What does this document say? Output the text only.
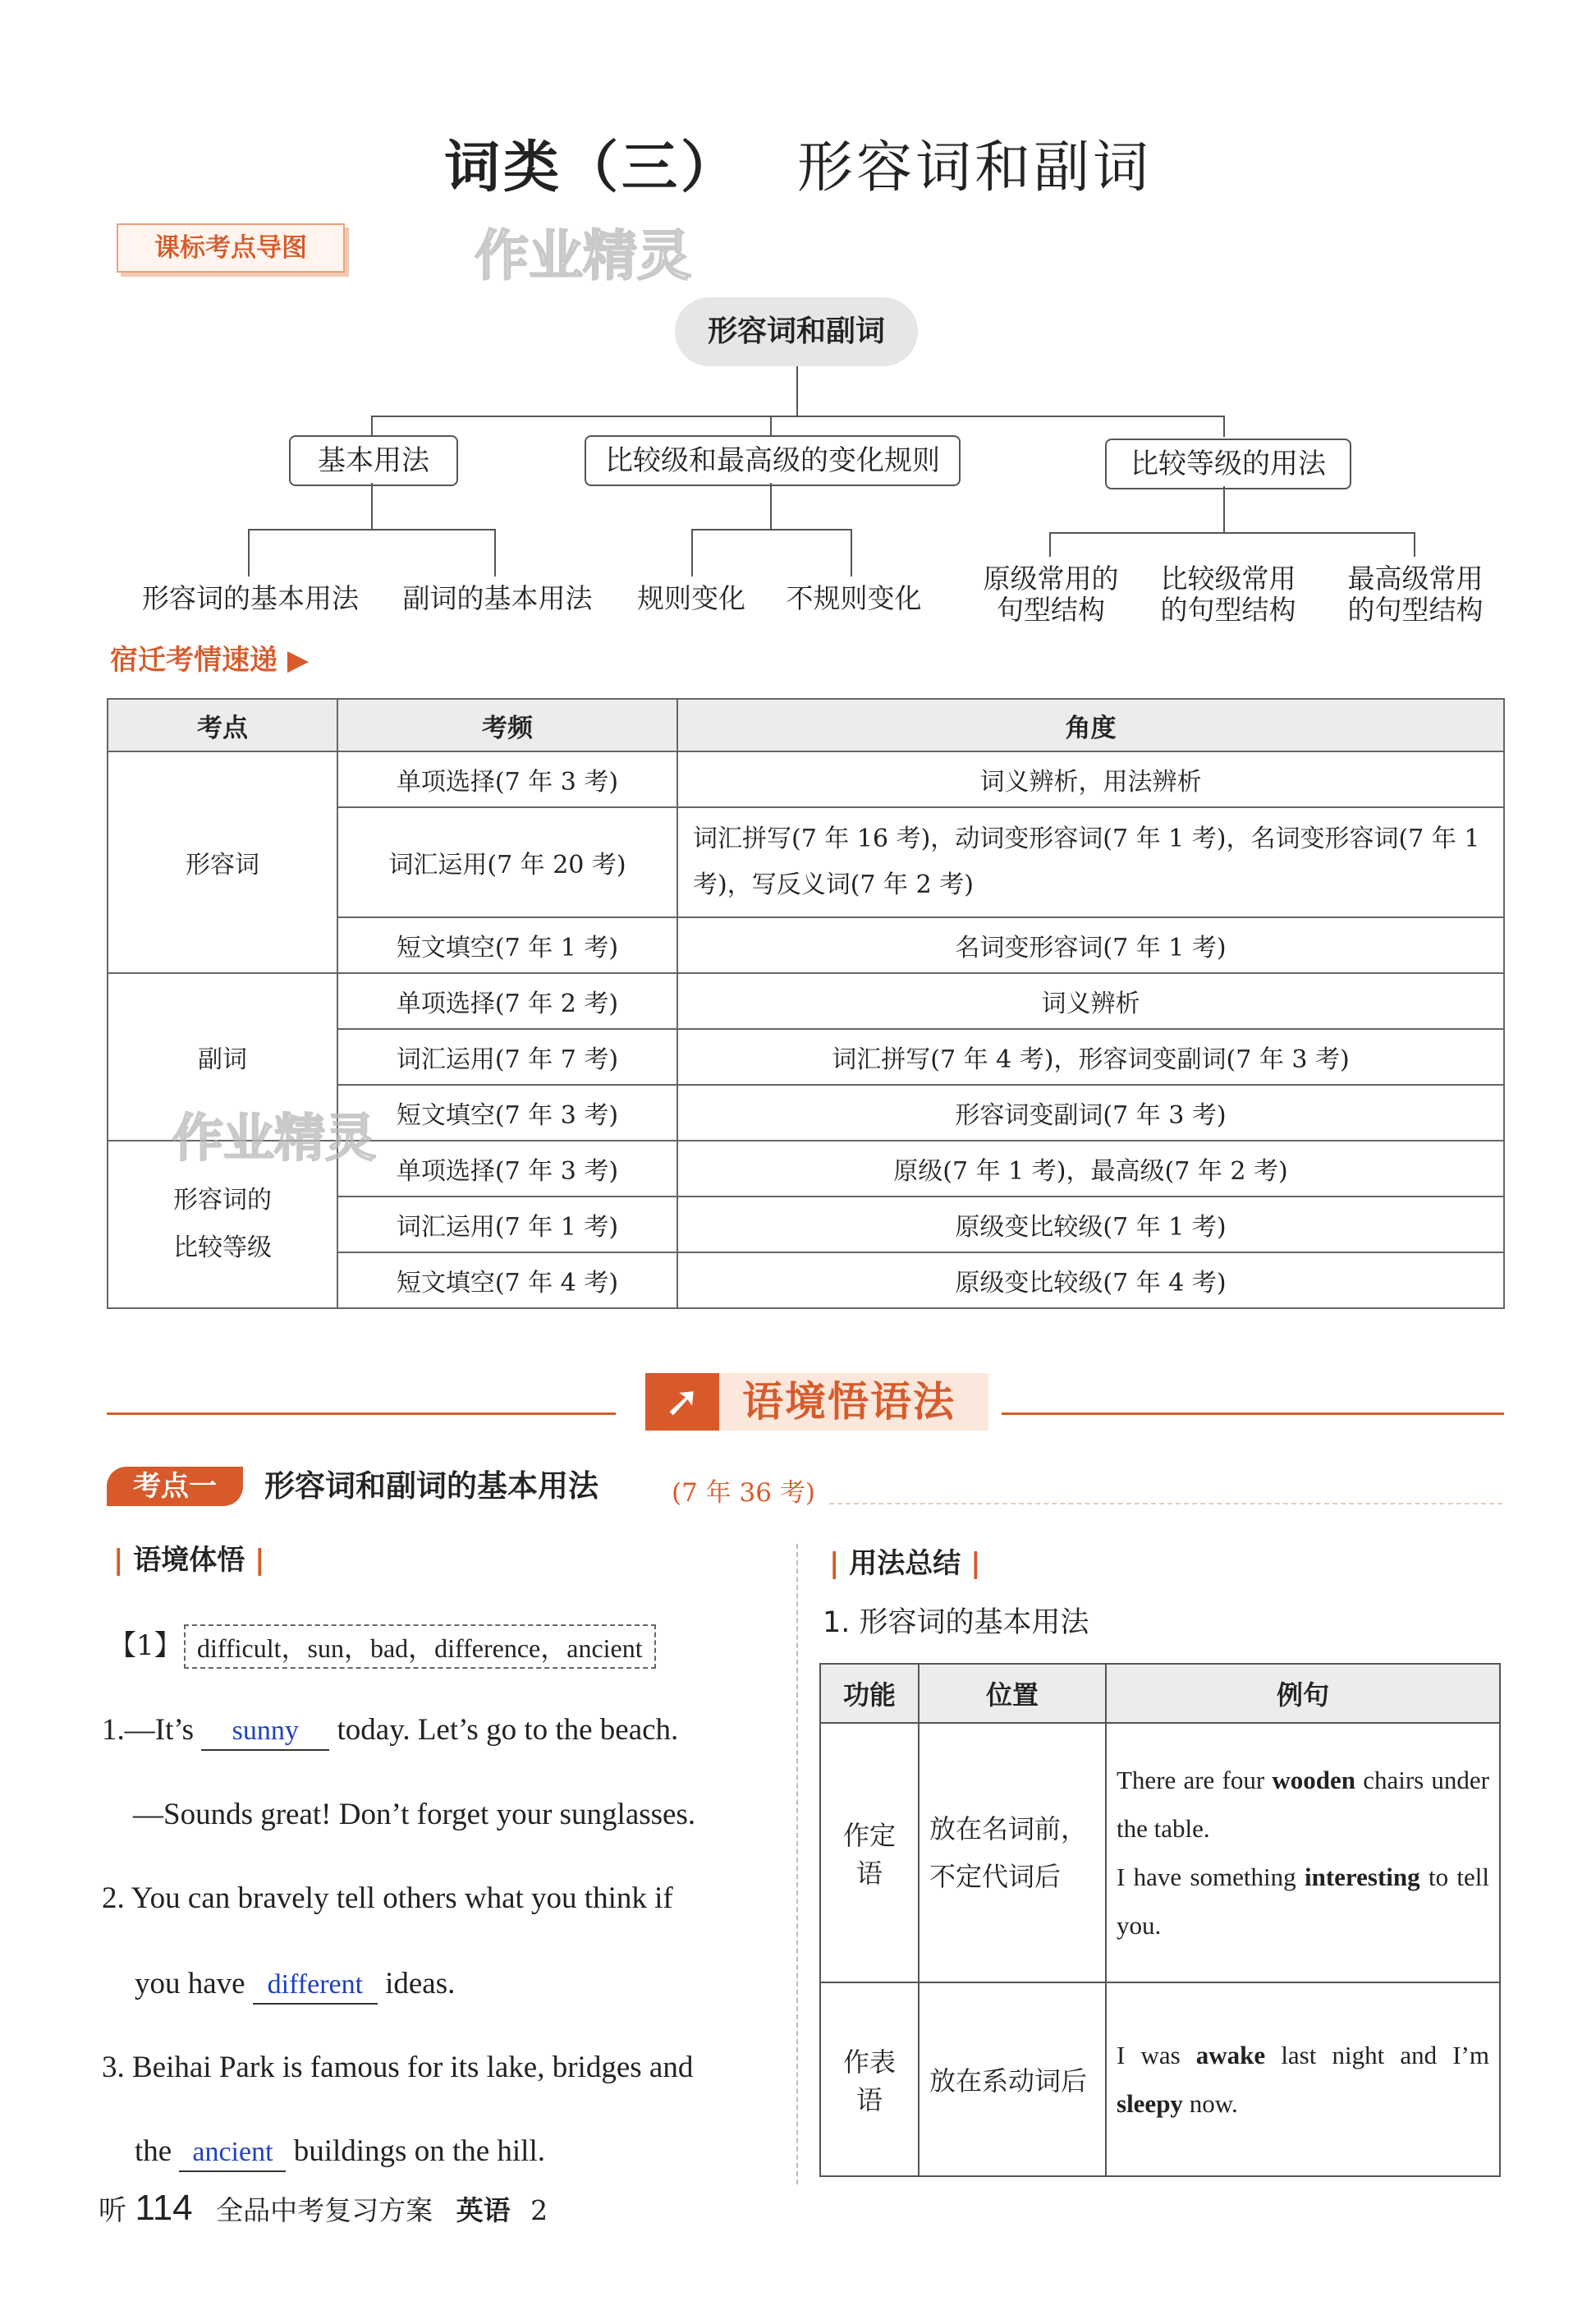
词类（三） 形容词和副词
课标考点导图	作业精灵
形容词和副词
基本用法	比较级和最高级的变化规则	比较等级的用法
形容词的基本用法	副词的基本用法	规则变化	不规则变化
原级常用的
句型结构
比较级常用
的句型结构
最高级常用
的句型结构
宿迁考情速递 ▶
考点	考频	角度
形容词	单项选择(7 年 3 考)	词义辨析，用法辨析
	词汇运用(7 年 20 考)	词汇拼写(7 年 16 考)，动词变形容词(7 年 1 考)，名词变形容词(7 年 1 考)，写反义词(7 年 2 考)
	短文填空(7 年 1 考)	名词变形容词(7 年 1 考)
副词	单项选择(7 年 2 考)	词义辨析
	词汇运用(7 年 7 考)	词汇拼写(7 年 4 考)，形容词变副词(7 年 3 考)
	短文填空(7 年 3 考)	形容词变副词(7 年 3 考)

形容词的
比较等级	单项选择(7 年 3 考)	原级(7 年 1 考)，最高级(7 年 2 考)
	词汇运用(7 年 1 考)	原级变比较级(7 年 1 考)
	短文填空(7 年 4 考)	原级变比较级(7 年 4 考)
作业精灵
➚	语境悟语法
考点一	形容词和副词的基本用法	(7 年 36 考)
| 语境体悟 |
【1】 difficult，sun，bad，difference，ancient
1.—It’s sunny today. Let’s go to the beach.
—Sounds great! Don’t forget your sunglasses.
2. You can bravely tell others what you think if
you have different ideas.
3. Beihai Park is famous for its lake, bridges and
the ancient buildings on the hill.
| 用法总结 |
1. 形容词的基本用法
功能	位置	例句
作定语	放在名词前，不定代词后	There are four wooden chairs under the table.
I have something interesting to tell you.

作表语	放在系动词后	I was awake last night and I’m sleepy now.
听 114 全品中考复习方案 英语 2
